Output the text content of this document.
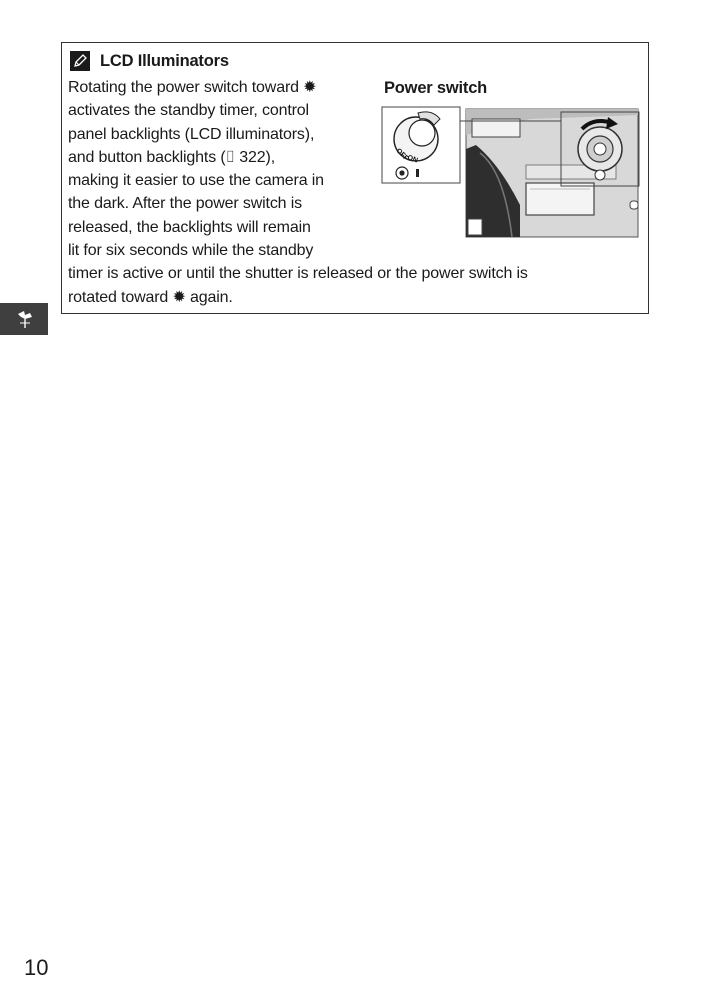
LCD Illuminators
Rotating the power switch toward ✹
activates the standby timer, control
panel backlights (LCD illuminators),
and button backlights (⌷ 322),
making it easier to use the camera in
the dark. After the power switch is
released, the backlights will remain
lit for six seconds while the standby
timer is active or until the shutter is released or the power switch is
rotated toward ✹ again.
Power switch
OFF
ON
10
